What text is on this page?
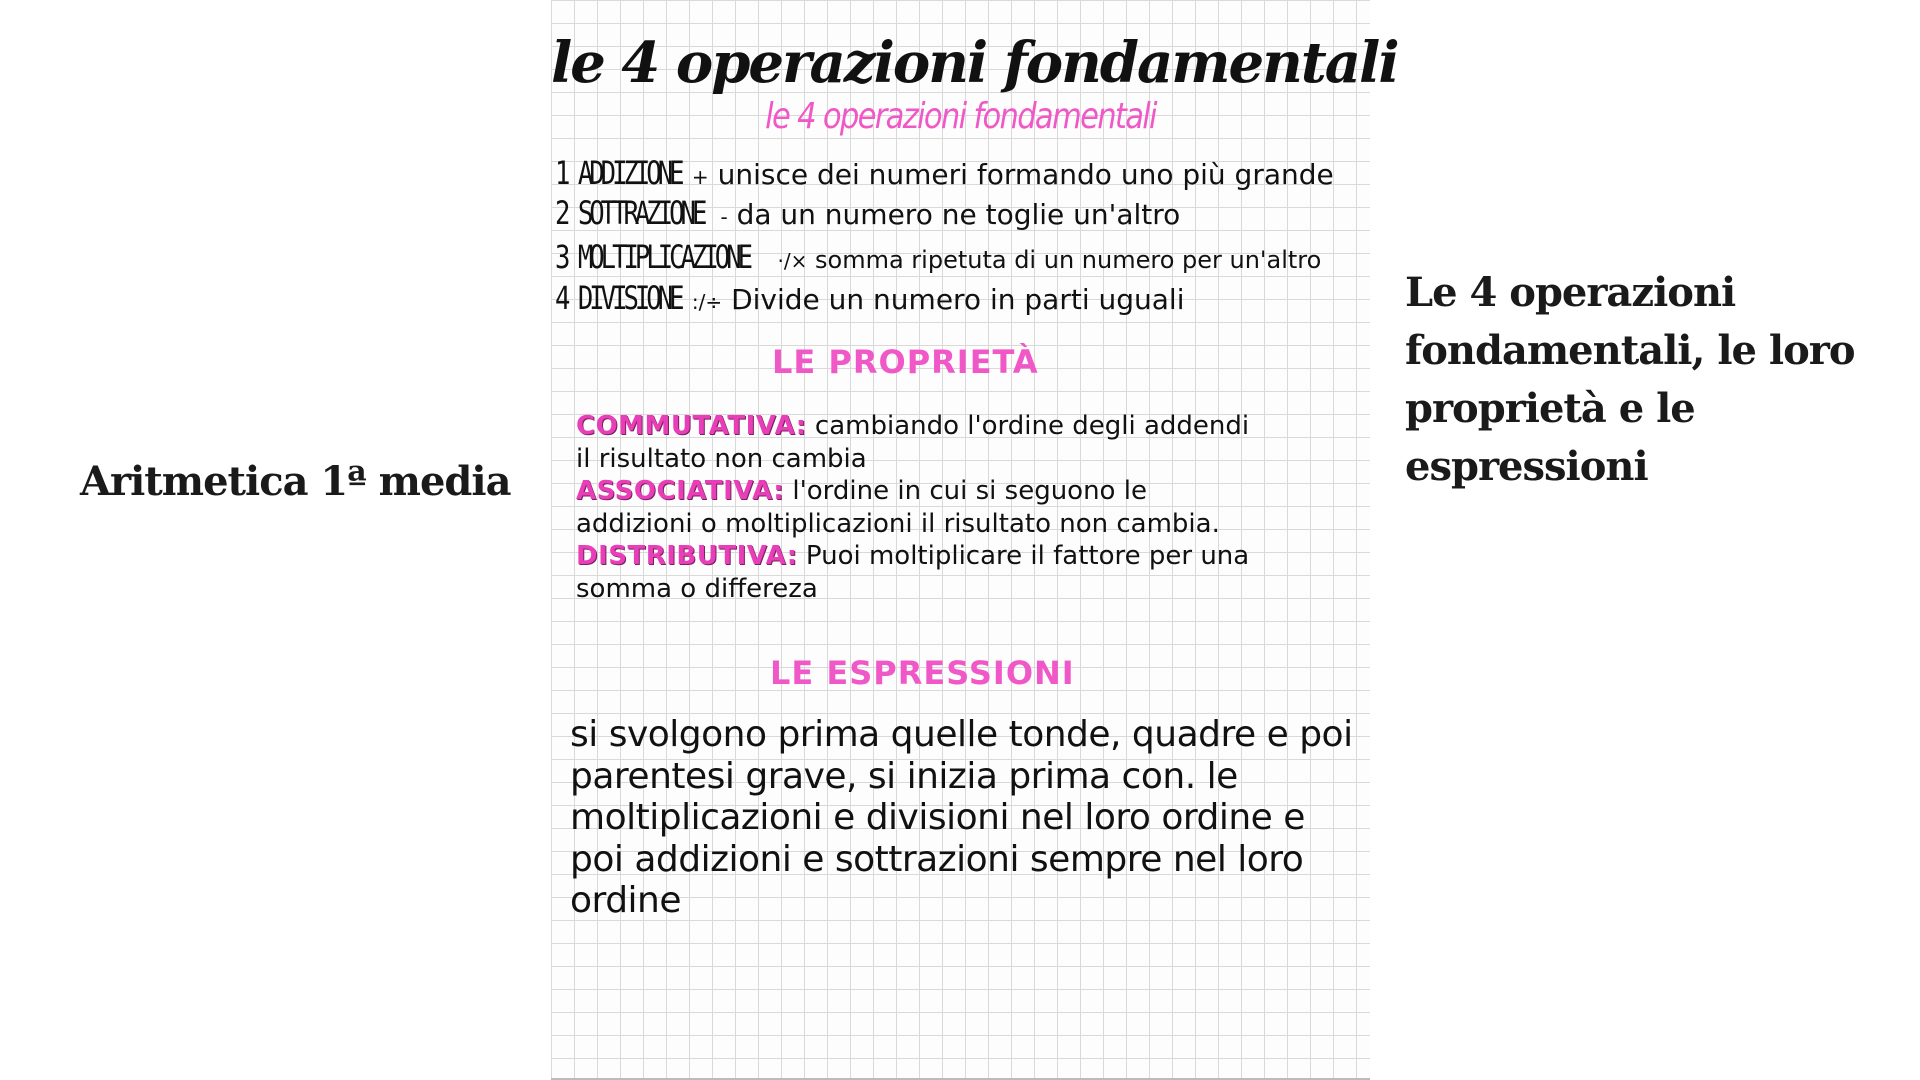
Aritmetica 1ª media
Le 4 operazioni fondamentali, le loro proprietà e le espressioni
le 4 operazioni fondamentali
le 4 operazioni fondamentali
1 ADDIZIONE + unisce dei numeri formando uno più grande
2 SOTTRAZIONE - da un numero ne toglie un'altro
3 MOLTIPLICAZIONE ·/× somma ripetuta di un numero per un'altro
4 DIVISIONE :/÷ Divide un numero in parti uguali
LE PROPRIETÀ
COMMUTATIVA: cambiando l'ordine degli addendi il risultato non cambia
ASSOCIATIVA: l'ordine in cui si seguono le addizioni o moltiplicazioni il risultato non cambia.
DISTRIBUTIVA: Puoi moltiplicare il fattore per una somma o differeza
LE ESPRESSIONI
si svolgono prima quelle tonde, quadre e poi parentesi grave, si inizia prima con. le moltiplicazioni e divisioni nel loro ordine e poi addizioni e sottrazioni sempre nel loro ordine
